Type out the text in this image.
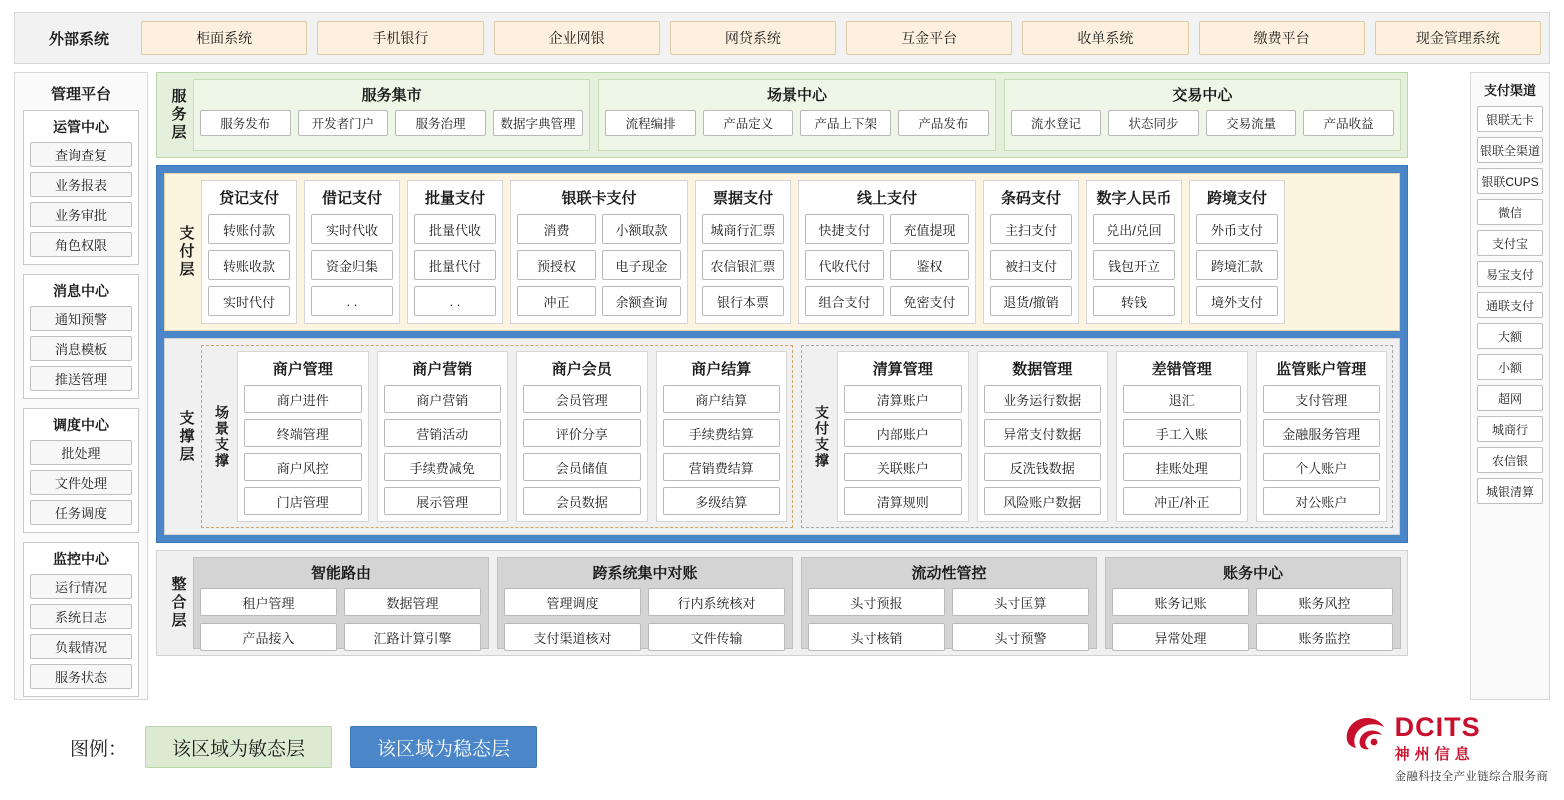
外部系统	柜面系统	手机银行	企业网银	网贷系统	互金平台	收单系统	缴费平台	现金管理系统
管理平台
运管中心
查询查复
业务报表
业务审批
角色权限
消息中心
通知预警
消息模板
推送管理
调度中心
批处理
文件处理
任务调度
监控中心
运行情况
系统日志
负载情况
服务状态
支付渠道
银联无卡
银联全渠道
银联CUPS
微信
支付宝
易宝支付
通联支付
大额
小额
超网
城商行
农信银
城银清算
服务层	服务集市
服务发布	开发者门户	服务治理	数据字典管理
场景中心
流程编排	产品定义	产品上下架	产品发布
交易中心
流水登记	状态同步	交易流量	产品收益
支付层
贷记支付
转账付款
转账收款
实时代付
借记支付
实时代收
资金归集
. .
批量支付
批量代收
批量代付
. .
银联卡支付
消费	小额取款
预授权	电子现金
冲正	余额查询
票据支付
城商行汇票
农信银汇票
银行本票
线上支付
快捷支付	充值提现
代收代付	鉴权
组合支付	免密支付
条码支付
主扫支付
被扫支付
退货/撤销
数字人民币
兑出/兑回
钱包开立
转钱
跨境支付
外币支付
跨境汇款
境外支付
支撑层	场景支撑
商户管理
商户进件
终端管理
商户风控
门店管理
商户营销
商户营销
营销活动
手续费减免
展示管理
商户会员
会员管理
评价分享
会员储值
会员数据
商户结算
商户结算
手续费结算
营销费结算
多级结算
支付支撑
清算管理
清算账户
内部账户
关联账户
清算规则
数据管理
业务运行数据
异常支付数据
反洗钱数据
风险账户数据
差错管理
退汇
手工入账
挂账处理
冲正/补正
监管账户管理
支付管理
金融服务管理
个人账户
对公账户
整合层
智能路由
租户管理	数据管理
产品接入	汇路计算引擎
跨系统集中对账
管理调度	行内系统核对
支付渠道核对	文件传输
流动性管控
头寸预报	头寸匡算
头寸核销	头寸预警
账务中心
账务记账	账务风控
异常处理	账务监控
图例：	该区域为敏态层	该区域为稳态层
DCITS
神州信息
金融科技全产业链综合服务商
